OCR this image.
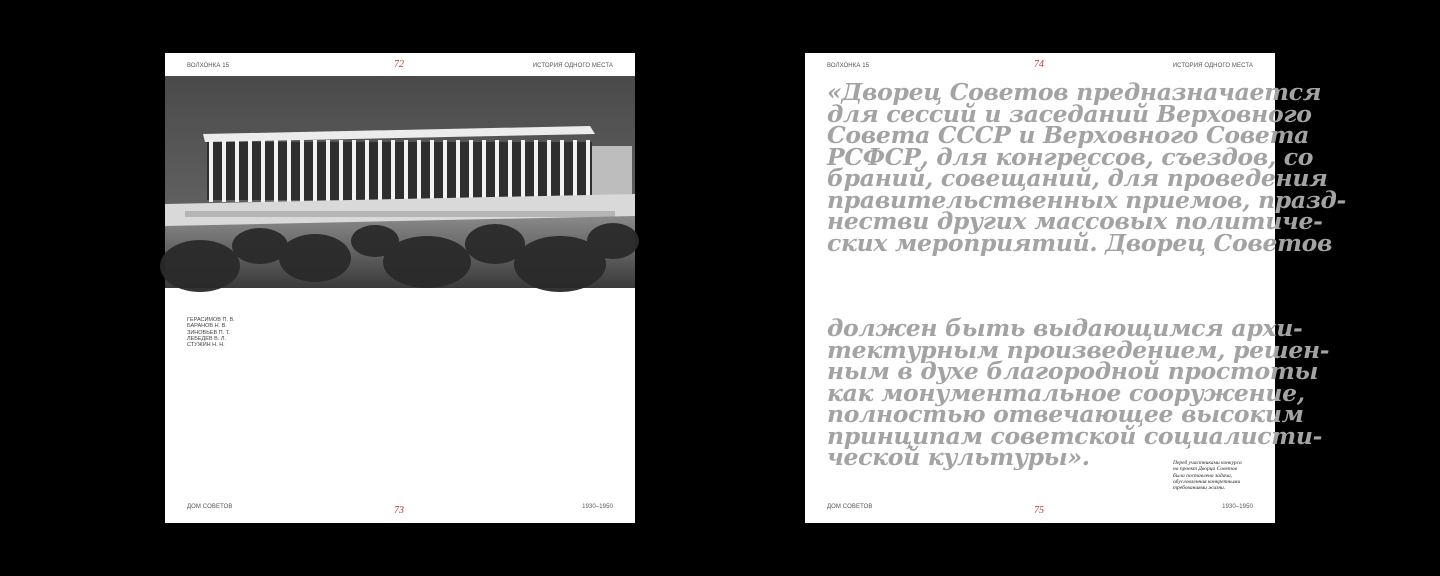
ВОЛХОНКА 15	72	ИСТОРИЯ ОДНОГО МЕСТА
ГЕРАСИМОВ П. В.
БАРАНОВ Н. В.
ЗИНОВЬЕВ П. Т.
ЛЕБЕДЕВ В. Л.
СТУЖИН Н. Н.
ДОМ СОВЕТОВ	73	1930–1950
ВОЛХОНКА 15	74	ИСТОРИЯ ОДНОГО МЕСТА

«Дворец Советов предназначается
для сессий и заседаний Верховного
Совета СССР и Верховного Совета
РСФСР, для конгрессов, съездов, со
браний, совещаний, для проведения
правительственных приемов, празд-
нестви других массовых политиче-
ских мероприятий. Дворец Советов

должен быть выдающимся архи-
тектурным произведением, решен-
ным в духе благородной простоты
как монументальное сооружение,
полностью отвечающее высоким
принципам советской социалисти-
ческой культуры».	Перед участниками конкурса
на проект Дворца Советов
была поставлена задача,
обусловленная конкретными
требованиями жизни.

ДОМ СОВЕТОВ	75	1930–1950
